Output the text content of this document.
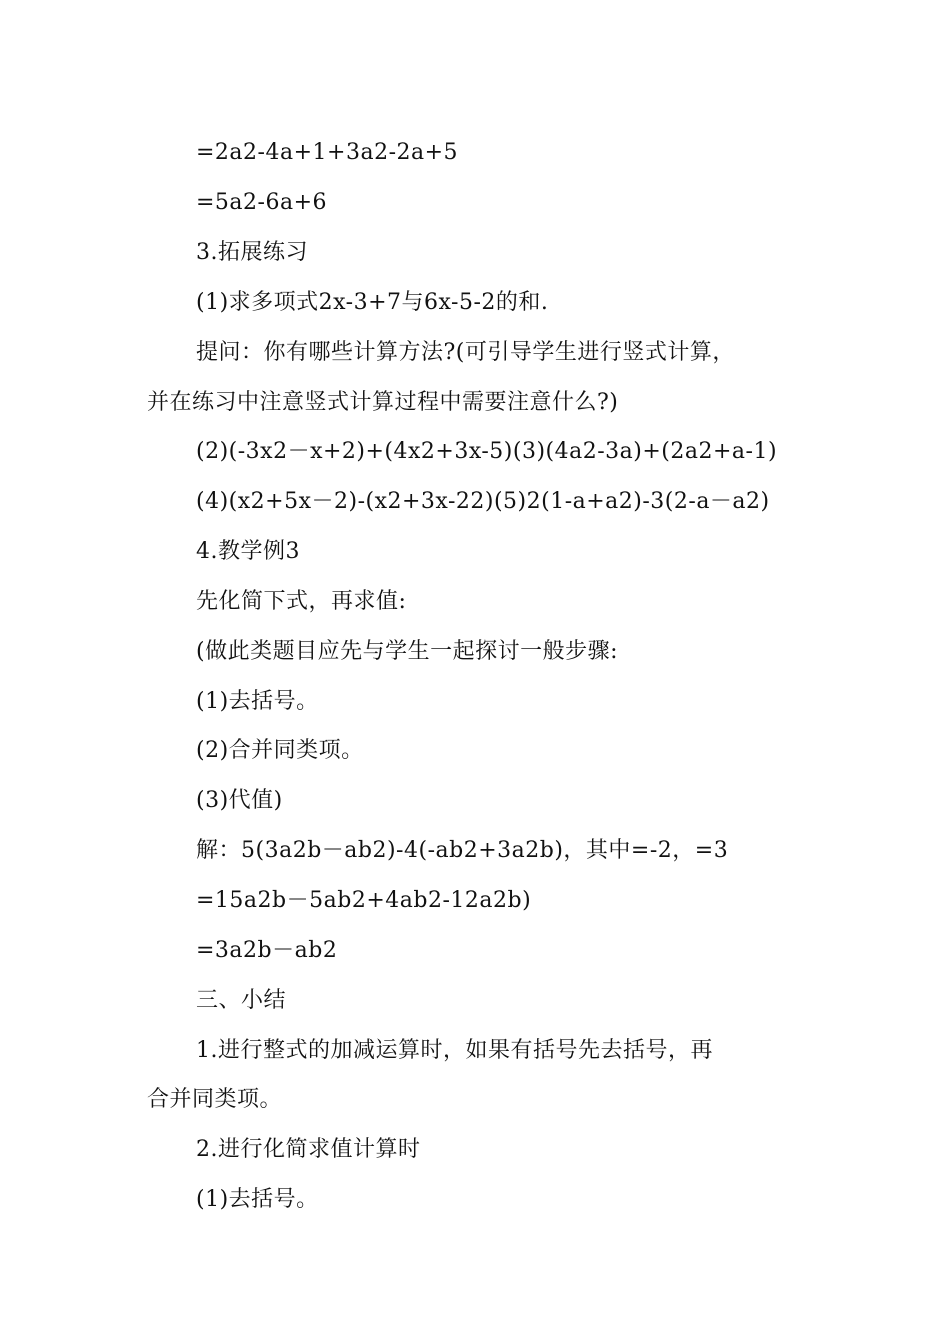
=2a2-4a+1+3a2-2a+5
=5a2-6a+6
3.拓展练习
(1)求多项式2x-3+7与6x-5-2的和.
提问：你有哪些计算方法?(可引导学生进行竖式计算，
并在练习中注意竖式计算过程中需要注意什么?)
(2)(-3x2－x+2)+(4x2+3x-5)(3)(4a2-3a)+(2a2+a-1)
(4)(x2+5x－2)-(x2+3x-22)(5)2(1-a+a2)-3(2-a－a2)
4.教学例3
先化简下式，再求值:
(做此类题目应先与学生一起探讨一般步骤:
(1)去括号。
(2)合并同类项。
(3)代值)
解：5(3a2b－ab2)-4(-ab2+3a2b)，其中=-2，=3
=15a2b－5ab2+4ab2-12a2b)
=3a2b－ab2
三、小结
1.进行整式的加减运算时，如果有括号先去括号，再
合并同类项。
2.进行化简求值计算时
(1)去括号。
